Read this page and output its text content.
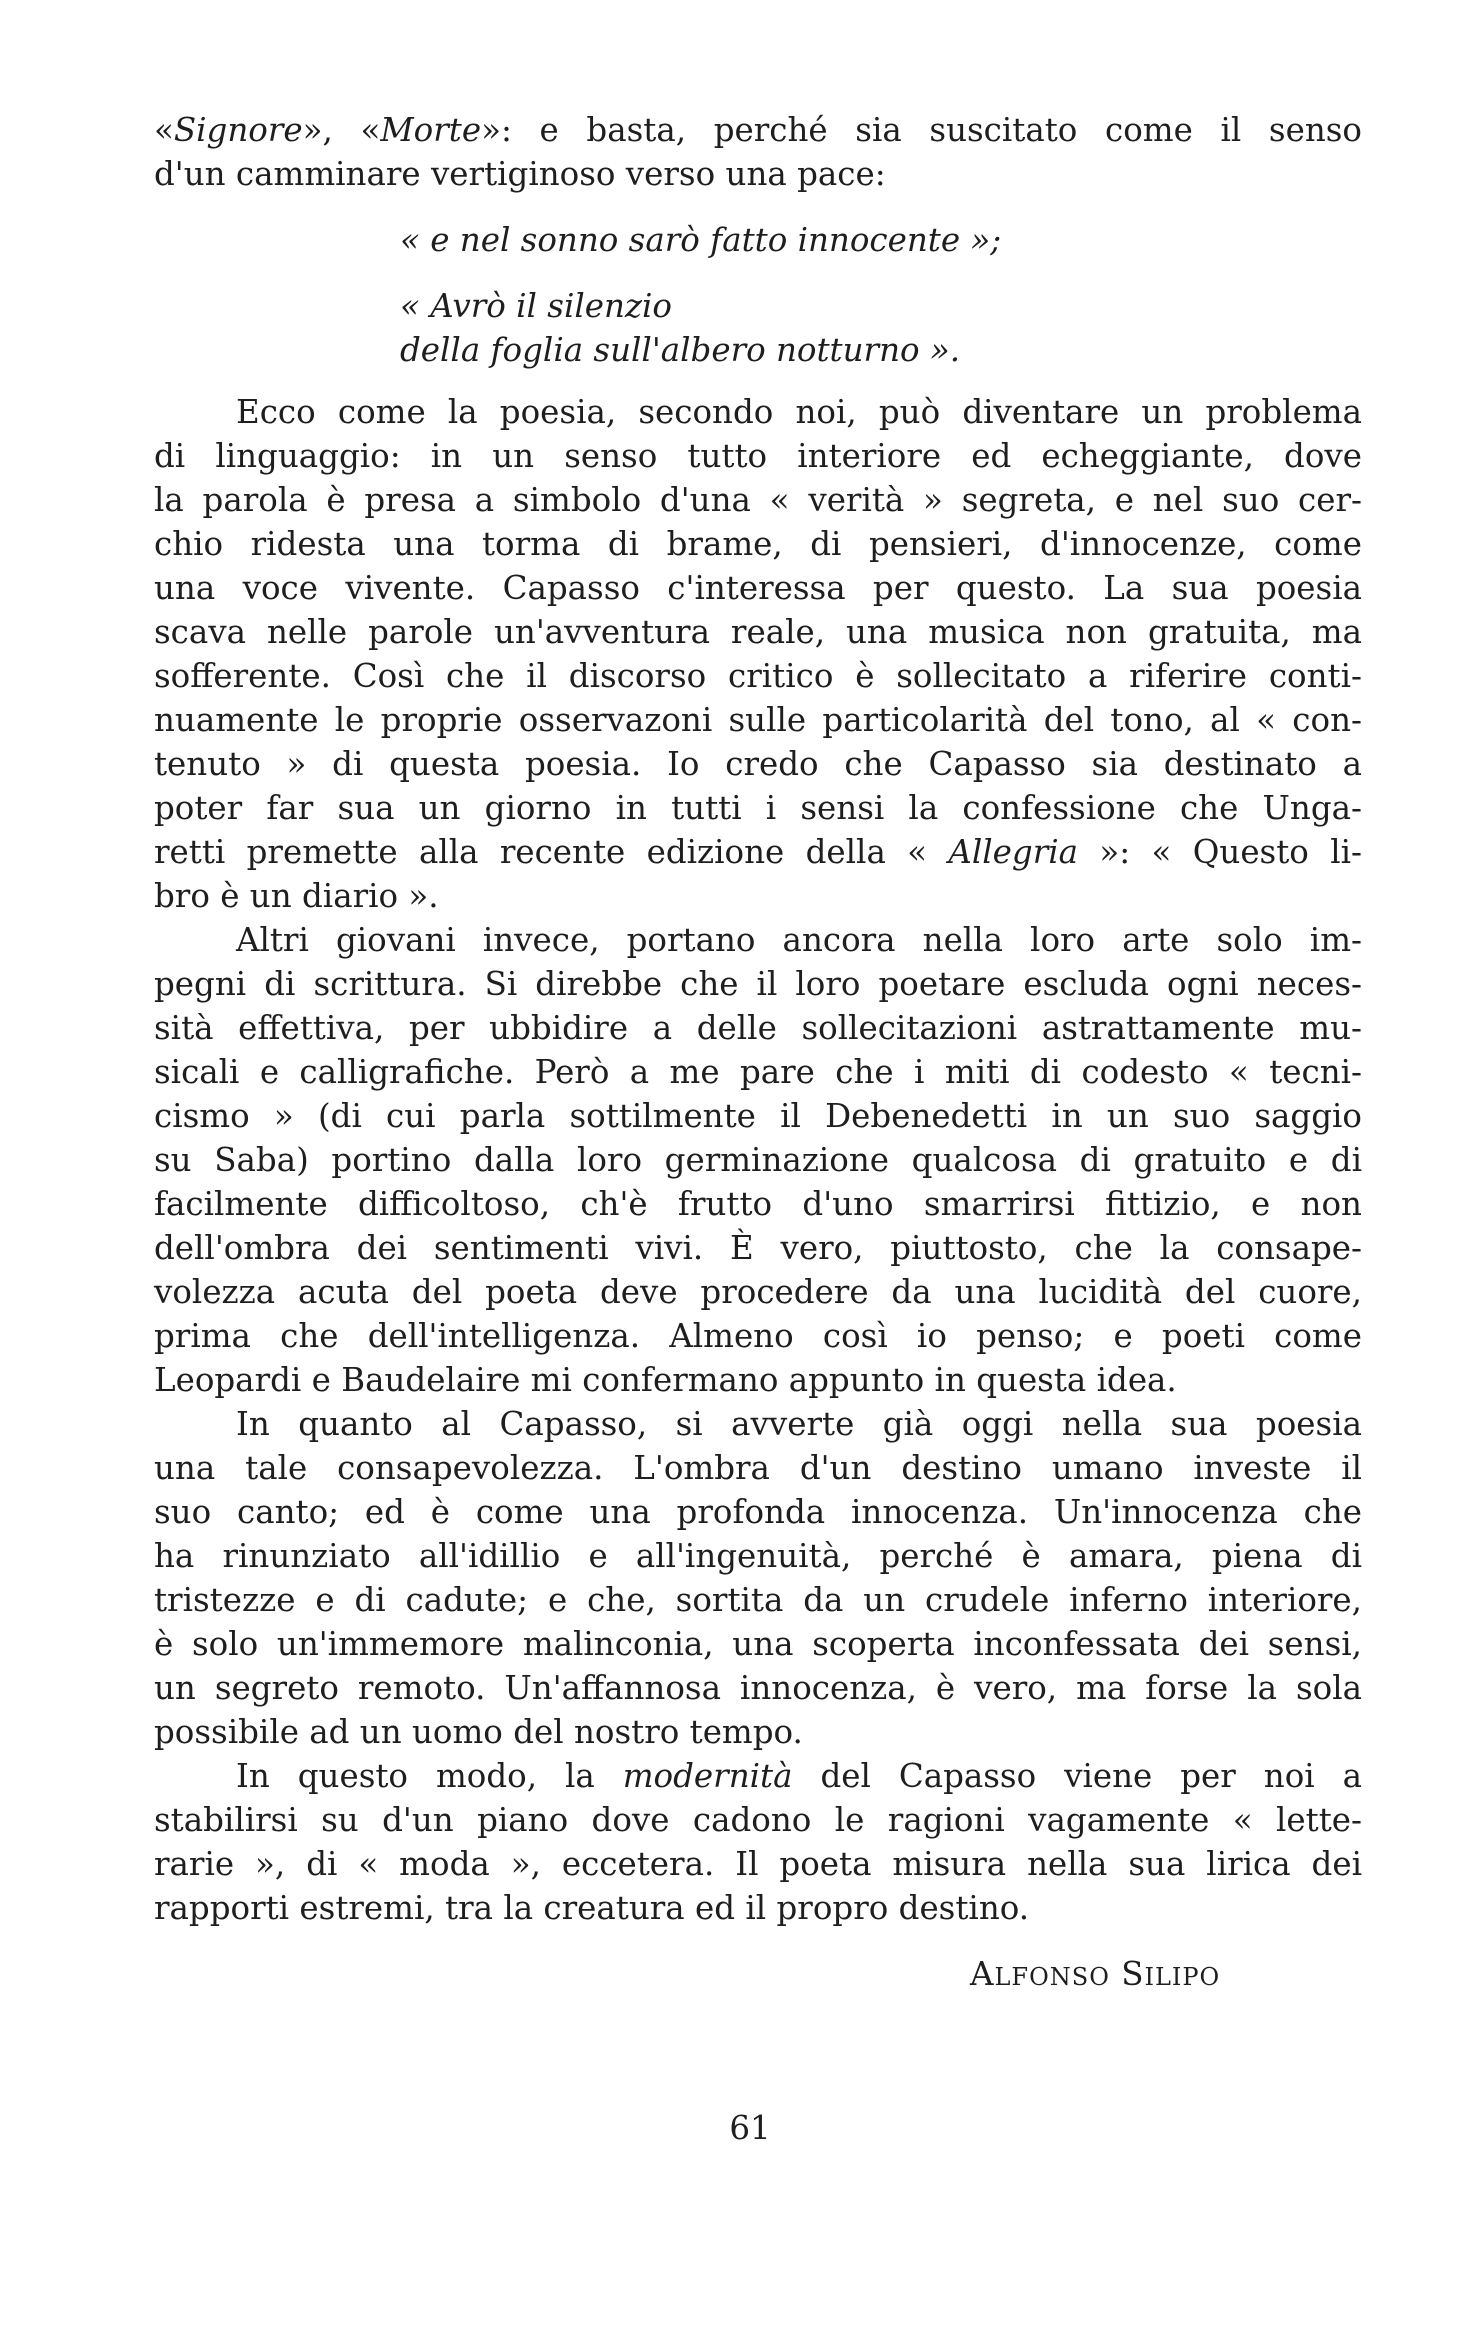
«Signore», «Morte»: e basta, perché sia suscitato come il senso
d'un camminare vertiginoso verso una pace:
« e nel sonno sarò fatto innocente »;
« Avrò il silenzio
della foglia sull'albero notturno ».
Ecco come la poesia, secondo noi, può diventare un problema
di linguaggio: in un senso tutto interiore ed echeggiante, dove
la parola è presa a simbolo d'una « verità » segreta, e nel suo cer-
chio ridesta una torma di brame, di pensieri, d'innocenze, come
una voce vivente. Capasso c'interessa per questo. La sua poesia
scava nelle parole un'avventura reale, una musica non gratuita, ma
sofferente. Così che il discorso critico è sollecitato a riferire conti-
nuamente le proprie osservazoni sulle particolarità del tono, al « con-
tenuto » di questa poesia. Io credo che Capasso sia destinato a
poter far sua un giorno in tutti i sensi la confessione che Unga-
retti premette alla recente edizione della « Allegria »: « Questo li-
bro è un diario ».
Altri giovani invece, portano ancora nella loro arte solo im-
pegni di scrittura. Si direbbe che il loro poetare escluda ogni neces-
sità effettiva, per ubbidire a delle sollecitazioni astrattamente mu-
sicali e calligrafiche. Però a me pare che i miti di codesto « tecni-
cismo » (di cui parla sottilmente il Debenedetti in un suo saggio
su Saba) portino dalla loro germinazione qualcosa di gratuito e di
facilmente difficoltoso, ch'è frutto d'uno smarrirsi fittizio, e non
dell'ombra dei sentimenti vivi. È vero, piuttosto, che la consape-
volezza acuta del poeta deve procedere da una lucidità del cuore,
prima che dell'intelligenza. Almeno così io penso; e poeti come
Leopardi e Baudelaire mi confermano appunto in questa idea.
In quanto al Capasso, si avverte già oggi nella sua poesia
una tale consapevolezza. L'ombra d'un destino umano investe il
suo canto; ed è come una profonda innocenza. Un'innocenza che
ha rinunziato all'idillio e all'ingenuità, perché è amara, piena di
tristezze e di cadute; e che, sortita da un crudele inferno interiore,
è solo un'immemore malinconia, una scoperta inconfessata dei sensi,
un segreto remoto. Un'affannosa innocenza, è vero, ma forse la sola
possibile ad un uomo del nostro tempo.
In questo modo, la modernità del Capasso viene per noi a
stabilirsi su d'un piano dove cadono le ragioni vagamente « lette-
rarie », di « moda », eccetera. Il poeta misura nella sua lirica dei
rapporti estremi, tra la creatura ed il propro destino.
ALFONSO SILIPO
61
